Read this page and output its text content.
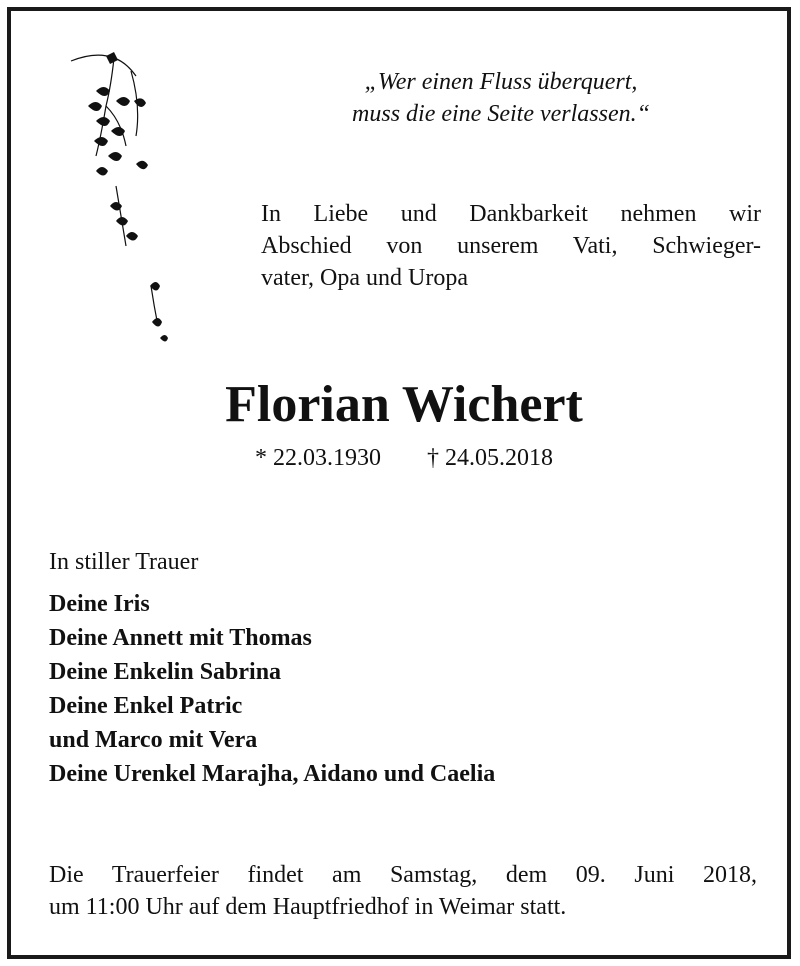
„Wer einen Fluss überquert,
muss die eine Seite verlassen.“
In Liebe und Dankbarkeit nehmen wir
Abschied von unserem Vati, Schwieger-
vater, Opa und Uropa
Florian Wichert
* 22.03.1930 † 24.05.2018
In stiller Trauer
Deine Iris
Deine Annett mit Thomas
Deine Enkelin Sabrina
Deine Enkel Patric
und Marco mit Vera
Deine Urenkel Marajha, Aidano und Caelia
Die Trauerfeier findet am Samstag, dem 09. Juni 2018,
um 11:00 Uhr auf dem Hauptfriedhof in Weimar statt.
